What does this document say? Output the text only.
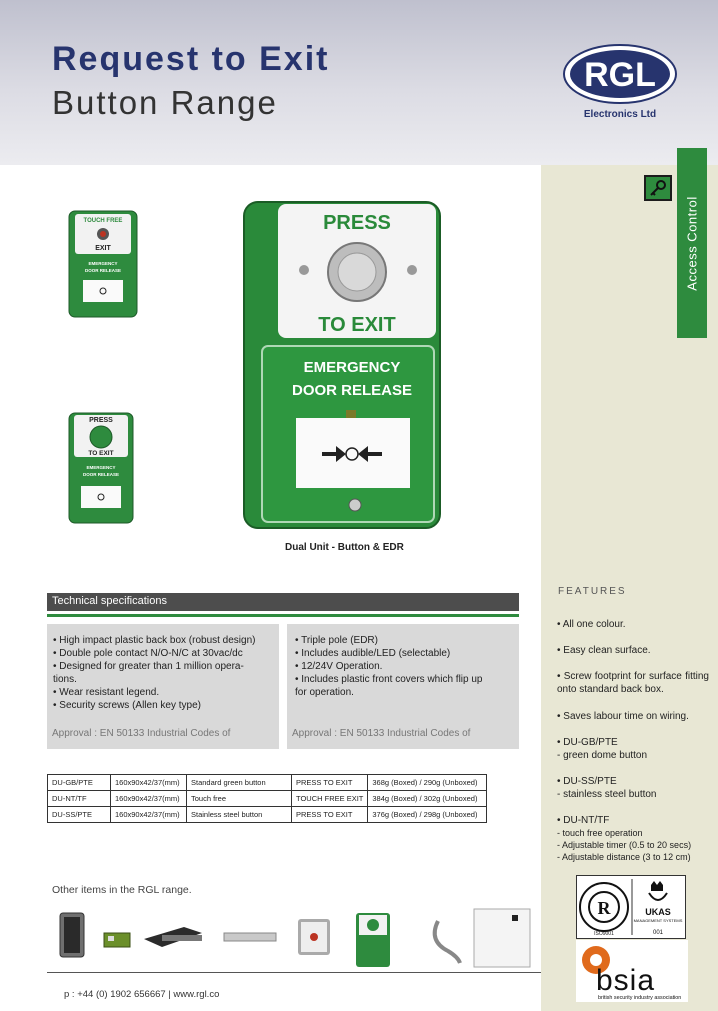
Request to Exit
Button Range
RGL
Electronics Ltd
Access Control
FEATURES
• All one colour.
• Easy clean surface.
• Screw footprint for surface fitting onto standard back box.
• Saves labour time on wiring.
• DU-GB/PTE
- green dome button
• DU-SS/PTE
- stainless steel button
• DU-NT/TF
- touch free operation
- Adjustable timer (0.5 to 20 secs)
- Adjustable distance (3 to 12 cm)
R
ISO9001
UKAS
MANAGEMENT SYSTEMS
001
bsia
british security industry association
TOUCH FREE
EXIT
EMERGENCY
DOOR RELEASE
PRESS
TO EXIT
EMERGENCY
DOOR RELEASE
PRESS
TO EXIT
EMERGENCY
DOOR RELEASE
Dual Unit - Button & EDR
Technical specifications
• High impact plastic back box (robust design)
• Double pole contact N/O-N/C at 30vac/dc
• Designed for greater than 1 million opera-
tions.
• Wear resistant legend.
• Security screws (Allen key type)
Approval : EN 50133 Industrial Codes of
• Triple pole (EDR)
• Includes audible/LED (selectable)
• 12/24V Operation.
• Includes plastic front covers which flip up
for operation.
Approval : EN 50133 Industrial Codes of
DU-GB/PTE	160x90x42/37(mm)	Standard green button	PRESS TO EXIT	368g (Boxed) / 290g (Unboxed)
DU-NT/TF	160x90x42/37(mm)	Touch free	TOUCH FREE EXIT	384g (Boxed) / 302g (Unboxed)
DU-SS/PTE	160x90x42/37(mm)	Stainless steel button	PRESS TO EXIT	376g (Boxed) / 298g (Unboxed)
Other items in the RGL range.
p : +44 (0) 1902 656667 | www.rgl.co
